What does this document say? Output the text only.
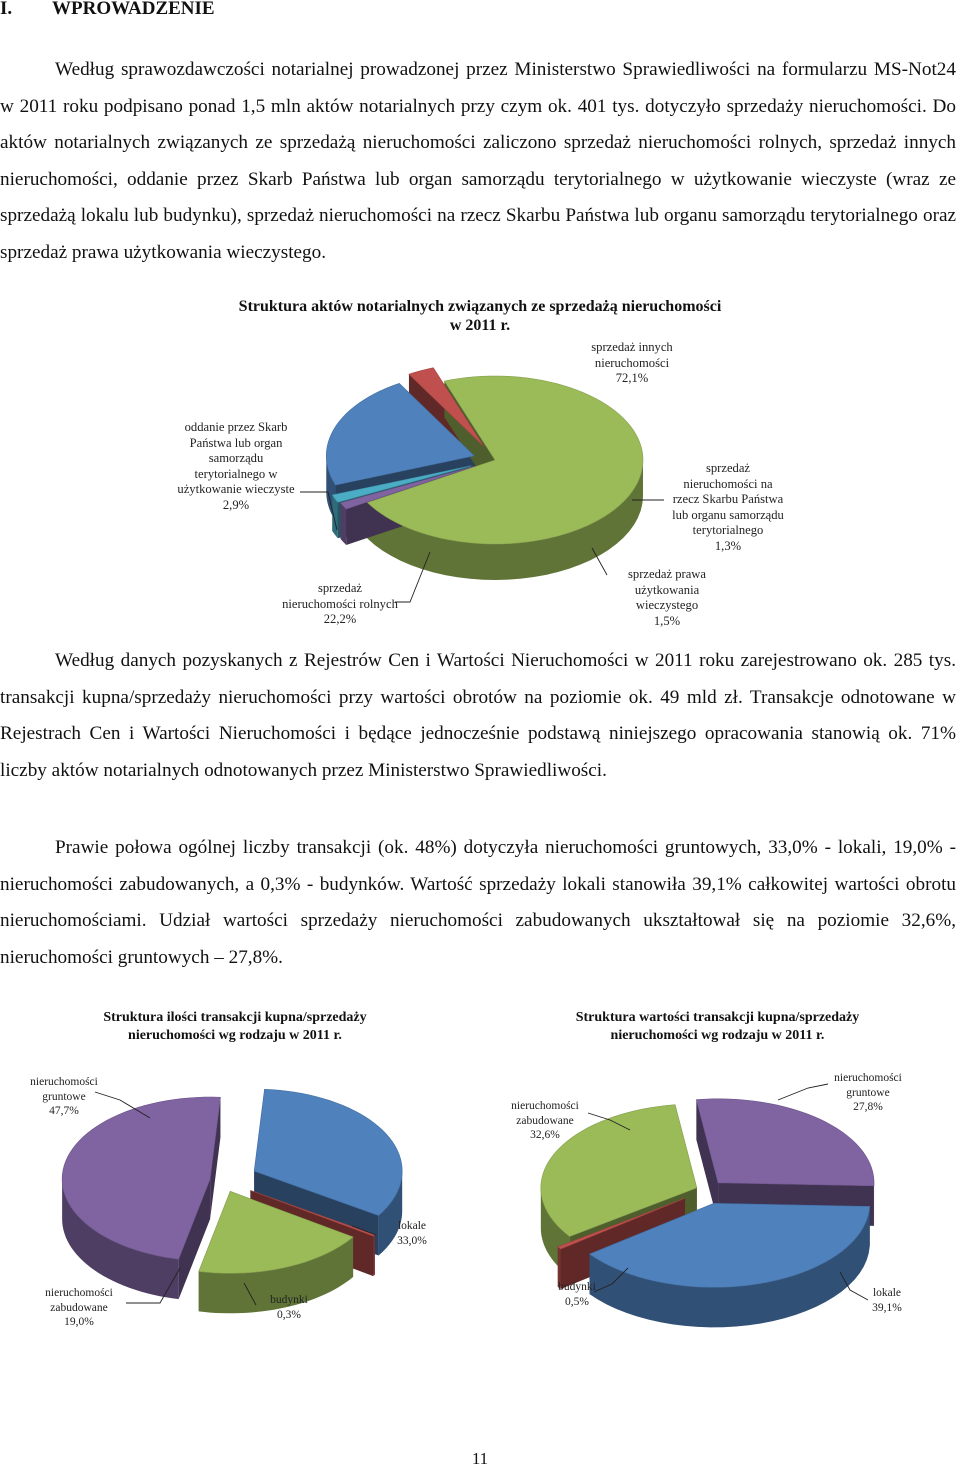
I. WPROWADZENIE

Według sprawozdawczości notarialnej prowadzonej przez Ministerstwo Sprawiedliwości na formularzu MS-Not24 w 2011 roku podpisano ponad 1,5 mln aktów notarialnych przy czym ok. 401 tys. dotyczyło sprzedaży nieruchomości. Do aktów notarialnych związanych ze sprzedażą nieruchomości zaliczono sprzedaż nieruchomości rolnych, sprzedaż innych nieruchomości, oddanie przez Skarb Państwa lub organ samorządu terytorialnego w użytkowanie wieczyste (wraz ze sprzedażą lokalu lub budynku), sprzedaż nieruchomości na rzecz Skarbu Państwa lub organu samorządu terytorialnego oraz sprzedaż prawa użytkowania wieczystego.

Struktura aktów notarialnych związanych ze sprzedażą nieruchomości
w 2011 r.
sprzedaż innych
nieruchomości
72,1%
oddanie przez Skarb
Państwa lub organ
samorządu
terytorialnego w
użytkowanie wieczyste
2,9%
sprzedaż
nieruchomości na
rzecz Skarbu Państwa
lub organu samorządu
terytorialnego
1,3%
sprzedaż
nieruchomości rolnych
22,2%
sprzedaż prawa
użytkowania
wieczystego
1,5%

Według danych pozyskanych z Rejestrów Cen i Wartości Nieruchomości w 2011 roku zarejestrowano ok. 285 tys. transakcji kupna/sprzedaży nieruchomości przy wartości obrotów na poziomie ok. 49 mld zł. Transakcje odnotowane w Rejestrach Cen i Wartości Nieruchomości i będące jednocześnie podstawą niniejszego opracowania stanowią ok. 71% liczby aktów notarialnych odnotowanych przez Ministerstwo Sprawiedliwości.

Prawie połowa ogólnej liczby transakcji (ok. 48%) dotyczyła nieruchomości gruntowych, 33,0% - lokali, 19,0% - nieruchomości zabudowanych, a 0,3% - budynków. Wartość sprzedaży lokali stanowiła 39,1% całkowitej wartości obrotu nieruchomościami. Udział wartości sprzedaży nieruchomości zabudowanych ukształtował się na poziomie 32,6%, nieruchomości gruntowych – 27,8%.

Struktura ilości transakcji kupna/sprzedaży
nieruchomości wg rodzaju w 2011 r.
Struktura wartości transakcji kupna/sprzedaży
nieruchomości wg rodzaju w 2011 r.
nieruchomości
gruntowe
47,7%
lokale
33,0%
nieruchomości
zabudowane
19,0%
budynki
0,3%
nieruchomości
gruntowe
27,8%
nieruchomości
zabudowane
32,6%
lokale
39,1%
budynki
0,5%
11
